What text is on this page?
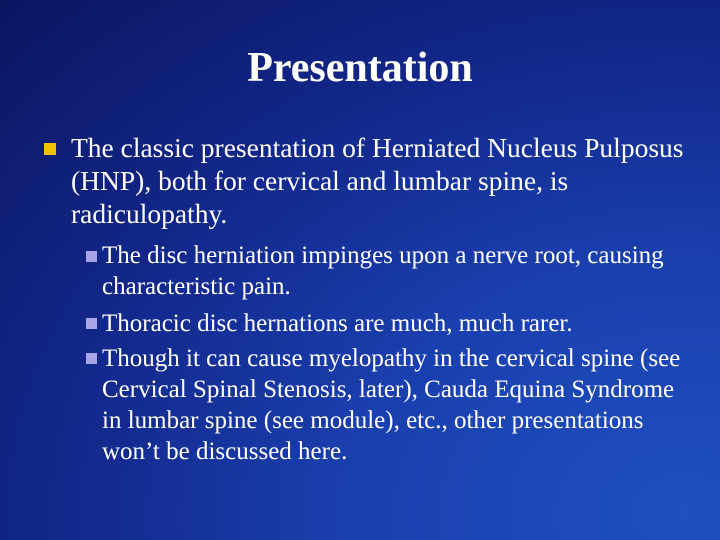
Presentation
The classic presentation of Herniated Nucleus Pulposus (HNP), both for cervical and lumbar spine, is radiculopathy.
The disc herniation impinges upon a nerve root, causing characteristic pain.
Thoracic disc hernations are much, much rarer.
Though it can cause myelopathy in the cervical spine (see Cervical Spinal Stenosis, later), Cauda Equina Syndrome in lumbar spine (see module), etc., other presentations won’t be discussed here.
